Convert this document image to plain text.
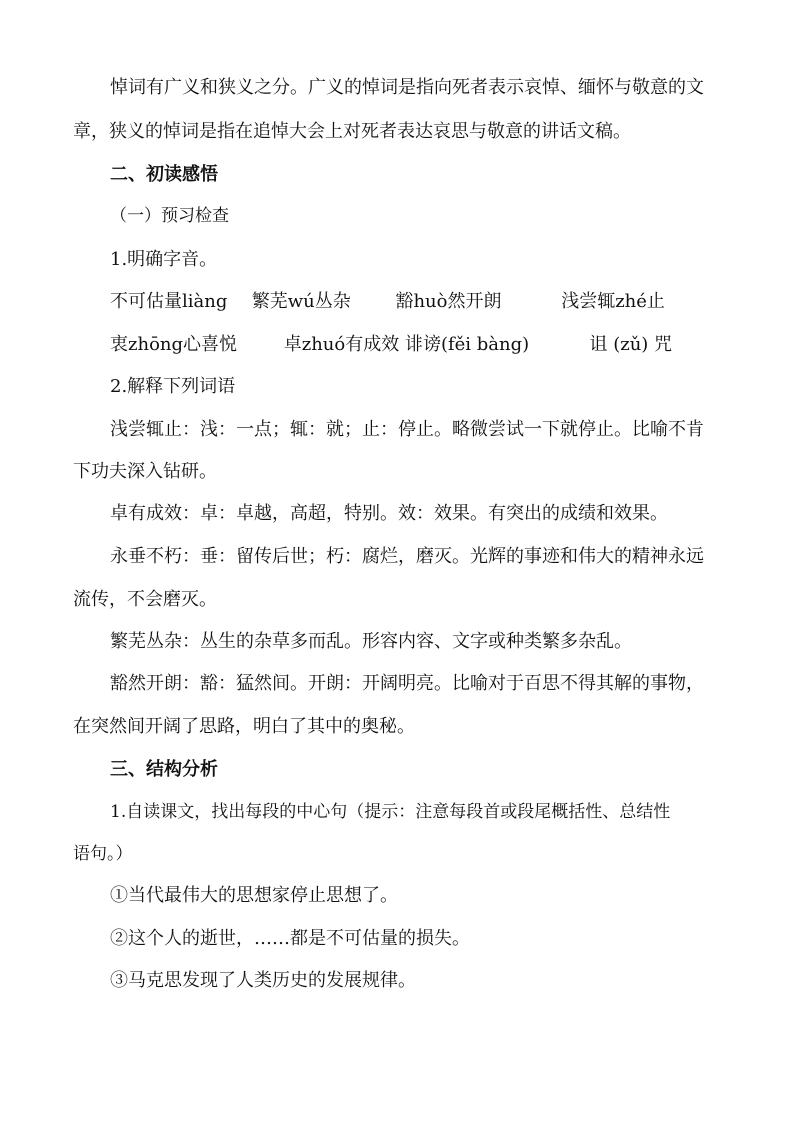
悼词有广义和狭义之分。广义的悼词是指向死者表示哀悼、缅怀与敬意的文
章，狭义的悼词是指在追悼大会上对死者表达哀思与敬意的讲话文稿。
二、初读感悟
（一）预习检查
1.明确字音。
不可估量liàng 繁芜wú丛杂 豁huò然开朗	浅尝辄zhé止
衷zhōng心喜悦	卓zhuó有成效 诽谤(fěi bàng)	诅 (zǔ) 咒
2.解释下列词语
浅尝辄止：浅：一点；辄：就；止：停止。略微尝试一下就停止。比喻不肯
下功夫深入钻研。
卓有成效：卓：卓越，高超，特别。效：效果。有突出的成绩和效果。
永垂不朽：垂：留传后世；朽：腐烂，磨灭。光辉的事迹和伟大的精神永远
流传，不会磨灭。
繁芜丛杂：丛生的杂草多而乱。形容内容、文字或种类繁多杂乱。
豁然开朗：豁：猛然间。开朗：开阔明亮。比喻对于百思不得其解的事物，
在突然间开阔了思路，明白了其中的奥秘。
三、结构分析
1.自读课文，找出每段的中心句（提示：注意每段首或段尾概括性、总结性
语句。）
①当代最伟大的思想家停止思想了。
②这个人的逝世，……都是不可估量的损失。
③马克思发现了人类历史的发展规律。
